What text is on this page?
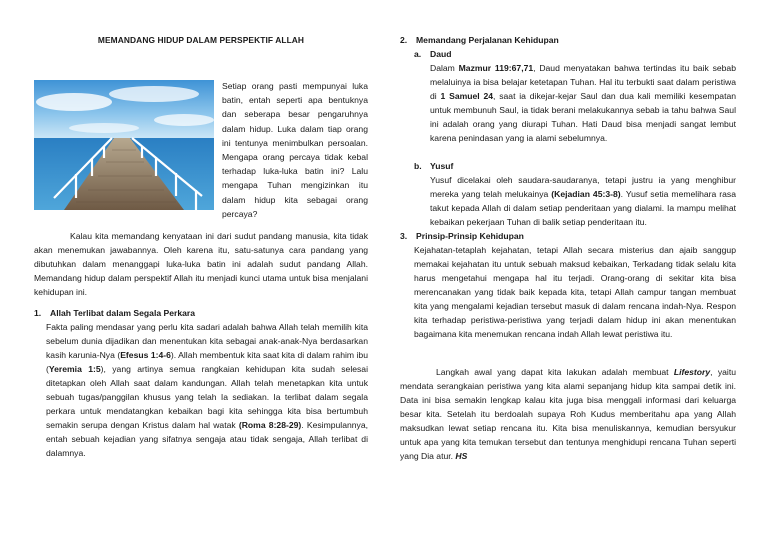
MEMANDANG HIDUP DALAM PERSPEKTIF ALLAH
Setiap orang pasti mempunyai luka batin, entah seperti apa bentuknya dan seberapa besar pengaruhnya dalam hidup. Luka dalam tiap orang ini tentunya menimbulkan persoalan. Mengapa orang percaya tidak kebal terhadap luka-luka batin ini? Lalu mengapa Tuhan mengizinkan itu dalam hidup kita sebagai orang percaya?
Kalau kita memandang kenyataan ini dari sudut pandang manusia, kita tidak akan menemukan jawabannya. Oleh karena itu, satu-satunya cara pandang yang dibutuhkan dalam menanggapi luka-luka batin ini adalah sudut pandang Allah. Memandang hidup dalam perspektif Allah itu menjadi kunci utama untuk bisa menjalani kehidupan ini.
1. Allah Terlibat dalam Segala Perkara
Fakta paling mendasar yang perlu kita sadari adalah bahwa Allah telah memilih kita sebelum dunia dijadikan dan menentukan kita sebagai anak-anak-Nya berdasarkan kasih karunia-Nya (Efesus 1:4-6). Allah membentuk kita saat kita di dalam rahim ibu (Yeremia 1:5), yang artinya semua rangkaian kehidupan kita sudah selesai ditetapkan oleh Allah saat dalam kandungan. Allah telah menetapkan kita untuk sebuah tugas/panggilan khusus yang telah Ia sediakan. Ia terlibat dalam segala perkara untuk mendatangkan kebaikan bagi kita sehingga kita bisa bertumbuh semakin serupa dengan Kristus dalam hal watak (Roma 8:28-29). Kesimpulannya, entah sebuah kejadian yang sifatnya sengaja atau tidak sengaja, Allah terlibat di dalamnya.
2. Memandang Perjalanan Kehidupan
a. Daud
Dalam Mazmur 119:67,71, Daud menyatakan bahwa tertindas itu baik sebab melaluinya ia bisa belajar ketetapan Tuhan. Hal itu terbukti saat dalam peristiwa di 1 Samuel 24, saat ia dikejar-kejar Saul dan dua kali memiliki kesempatan untuk membunuh Saul, ia tidak berani melakukannya sebab ia tahu bahwa Saul ini adalah orang yang diurapi Tuhan. Hati Daud bisa menjadi sangat lembut karena penindasan yang ia alami sebelumnya.
b. Yusuf
Yusuf dicelakai oleh saudara-saudaranya, tetapi justru ia yang menghibur mereka yang telah melukainya (Kejadian 45:3-8). Yusuf setia memelihara rasa takut kepada Allah di dalam setiap penderitaan yang dialami. Ia mampu melihat kebaikan pekerjaan Tuhan di balik setiap penderitaan itu.
3. Prinsip-Prinsip Kehidupan
Kejahatan-tetaplah kejahatan, tetapi Allah secara misterius dan ajaib sanggup memakai kejahatan itu untuk sebuah maksud kebaikan, Terkadang tidak selalu kita harus mengetahui mengapa hal itu terjadi. Orang-orang di sekitar kita bisa merencanakan yang tidak baik kepada kita, tetapi Allah campur tangan membuat kita yang mengalami kejadian tersebut masuk di dalam rencana indah-Nya. Respon kita terhadap peristiwa-peristiwa yang terjadi dalam hidup ini akan menentukan bagaimana kita menemukan rencana indah Allah lewat peristiwa itu.
Langkah awal yang dapat kita lakukan adalah membuat Lifestory, yaitu mendata serangkaian peristiwa yang kita alami sepanjang hidup kita sampai detik ini. Data ini bisa semakin lengkap kalau kita juga bisa menggali informasi dari keluarga besar kita. Setelah itu berdoalah supaya Roh Kudus memberitahu apa yang Allah maksudkan lewat setiap rencana itu. Kita bisa menuliskannya, kemudian bersyukur untuk apa yang kita temukan tersebut dan tentunya menghidupi rencana Tuhan seperti yang Dia atur. HS
